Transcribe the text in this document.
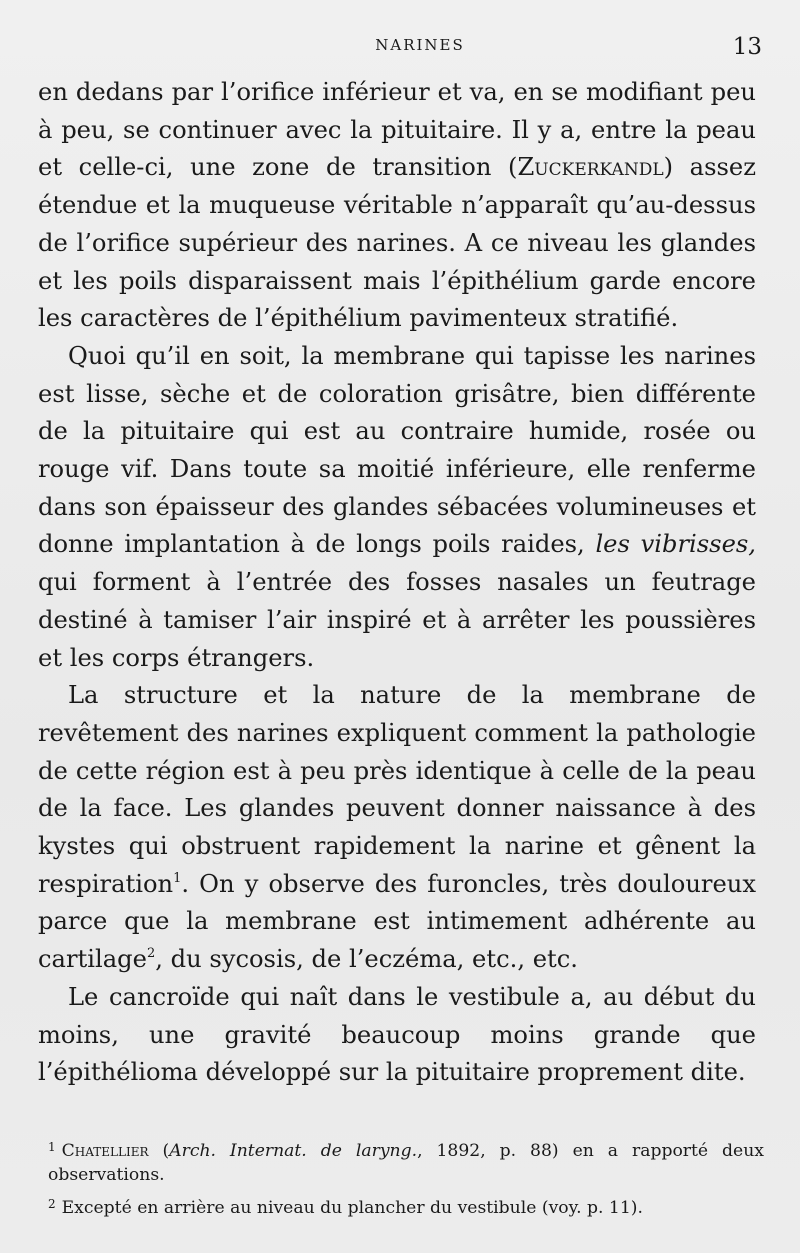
NARINES	13

en dedans par l’orifice inférieur et va, en se modifiant peu à peu, se continuer avec la pituitaire. Il y a, entre la peau et celle-ci, une zone de transition (Zuckerkandl) assez étendue et la muqueuse véritable n’apparaît qu’au-dessus de l’orifice supérieur des narines. A ce niveau les glandes et les poils disparaissent mais l’épithélium garde encore les caractères de l’épithélium pavimenteux stratifié.

Quoi qu’il en soit, la membrane qui tapisse les narines est lisse, sèche et de coloration grisâtre, bien différente de la pituitaire qui est au contraire humide, rosée ou rouge vif. Dans toute sa moitié inférieure, elle renferme dans son épaisseur des glandes sébacées volumineuses et donne implantation à de longs poils raides, les vibrisses, qui forment à l’entrée des fosses nasales un feutrage destiné à tamiser l’air inspiré et à arrêter les poussières et les corps étrangers.

La structure et la nature de la membrane de revêtement des narines expliquent comment la pathologie de cette région est à peu près identique à celle de la peau de la face. Les glandes peuvent donner naissance à des kystes qui obstruent rapidement la narine et gênent la respiration$^1$. On y observe des furoncles, très douloureux parce que la membrane est intimement adhérente au cartilage$^2$, du sycosis, de l’eczéma, etc., etc.

Le cancroïde qui naît dans le vestibule a, au début du moins, une gravité beaucoup moins grande que l’épithélioma développé sur la pituitaire proprement dite.

$^1$ Chatellier (Arch. Internat. de laryng., 1892, p. 88) en a rapporté deux observations.

$^2$ Excepté en arrière au niveau du plancher du vestibule (voy. p. 11).
